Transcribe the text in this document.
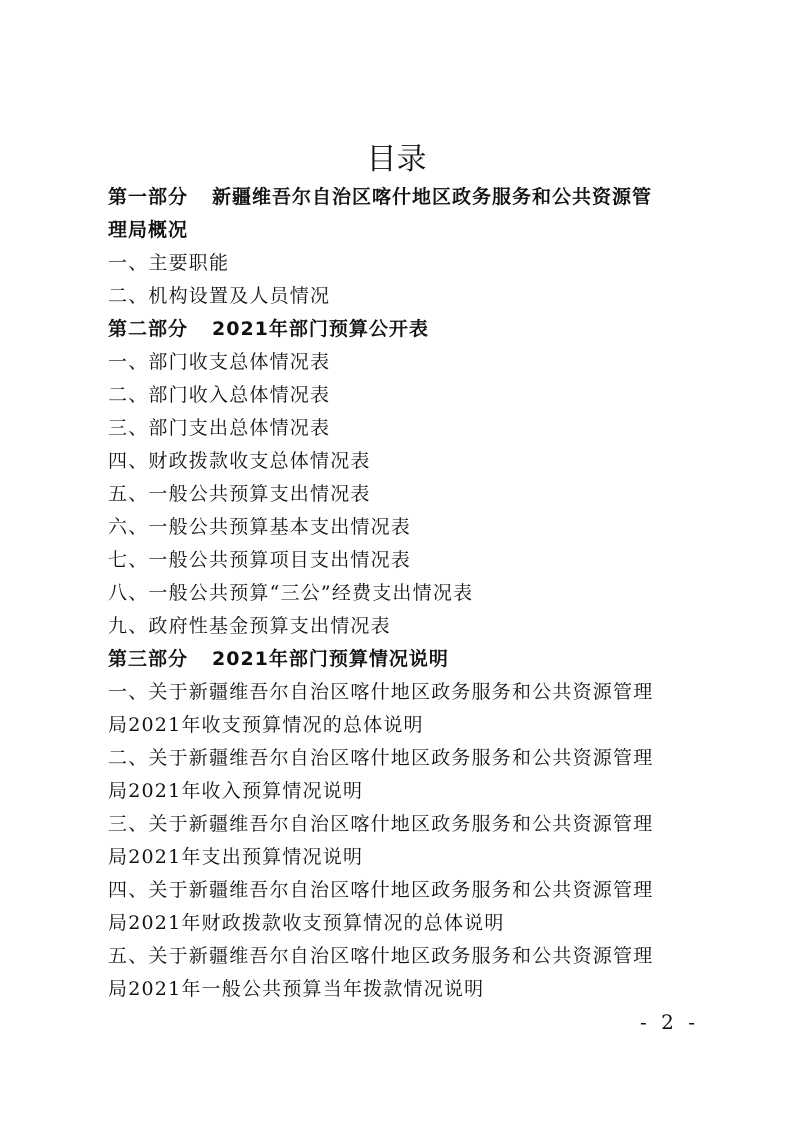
目录
第一部分 新疆维吾尔自治区喀什地区政务服务和公共资源管
理局概况
一、主要职能
二、机构设置及人员情况
第二部分 2021年部门预算公开表
一、部门收支总体情况表
二、部门收入总体情况表
三、部门支出总体情况表
四、财政拨款收支总体情况表
五、一般公共预算支出情况表
六、一般公共预算基本支出情况表
七、一般公共预算项目支出情况表
八、一般公共预算“三公”经费支出情况表
九、政府性基金预算支出情况表
第三部分 2021年部门预算情况说明
一、关于新疆维吾尔自治区喀什地区政务服务和公共资源管理
局2021年收支预算情况的总体说明
二、关于新疆维吾尔自治区喀什地区政务服务和公共资源管理
局2021年收入预算情况说明
三、关于新疆维吾尔自治区喀什地区政务服务和公共资源管理
局2021年支出预算情况说明
四、关于新疆维吾尔自治区喀什地区政务服务和公共资源管理
局2021年财政拨款收支预算情况的总体说明
五、关于新疆维吾尔自治区喀什地区政务服务和公共资源管理
局2021年一般公共预算当年拨款情况说明
- 2 -
